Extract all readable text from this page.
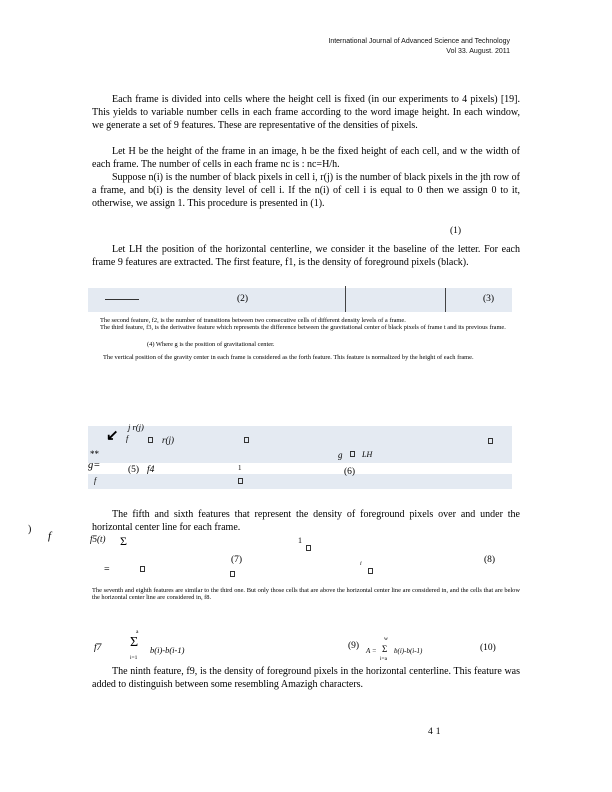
International Journal of Advanced Science and Technology
Vol 33. August. 2011

Each frame is divided into cells where the height cell is fixed (in our experiments to 4 pixels) [19]. This yields to variable number cells in each frame according to the word image height. In each window, we generate a set of 9 features. These are representative of the densities of pixels.

Let H be the height of the frame in an image, h be the fixed height of each cell, and w the width of each frame. The number of cells in each frame nc is : nc=H/h.

Suppose n(i) is the number of black pixels in cell i, r(j) is the number of black pixels in the jth row of a frame, and b(i) is the density level of cell i. If the n(i) of cell i is equal to 0 then we assign 0 to it, otherwise, we assign 1. This procedure is presented in (1).

(1)

Let LH the position of the horizontal centerline, we consider it the baseline of the letter. For each frame 9 features are extracted. The first feature, f1, is the density of foreground pixels (black).

(2)	(3)

The second feature, f2, is the number of transitions between two consecutive cells of different density levels of a frame.

The third feature, f3, is the derivative feature which represents the difference between the gravitational center of black pixels of frame t and its previous frame.

(4) Where g is the position of gravitational center.

The vertical position of the gravity center in each frame is considered as the forth feature. This feature is normalized by the height of each frame.

j r(j)
↙ f	r(j)
**	g LH
g=	(5) f4	1	(6)
f

The fifth and sixth features that represent the density of foreground pixels over and under the horizontal center line for each frame.

f5(t) Σ	1
(7)	(8)
=	i

The seventh and eighth features are similar to the third one. But only those cells that are above the horizontal center line are considered in, and the cells that are below the horizontal center line are considered in, f8.

f7 Σ
a
i=1
b(i)-b(i-1)	(9) A = Σ
w
i=a
b(i)-b(i-1)	(10)

The ninth feature, f9, is the density of foreground pixels in the horizontal centerline. This feature was added to distinguish between some resembling Amazigh characters.

)
f
41
